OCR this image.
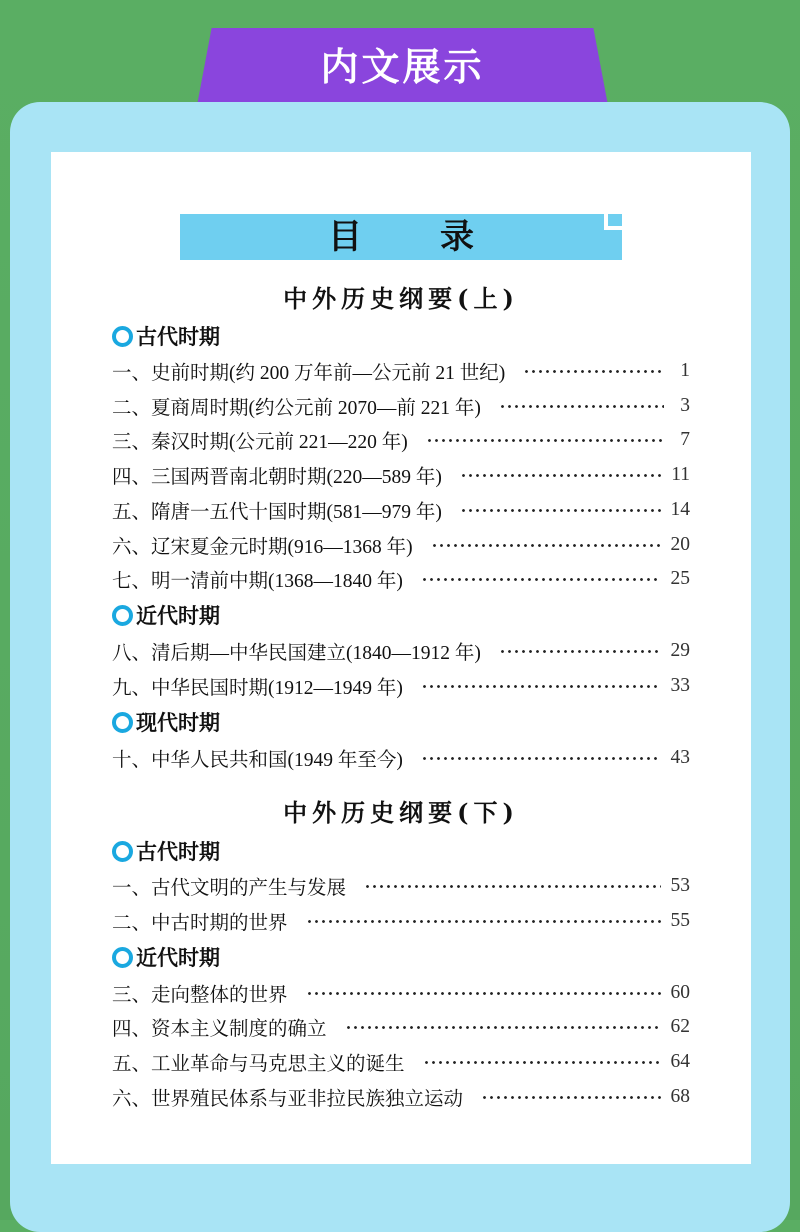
内文展示
目录
中外历史纲要(上)
古代时期
一、史前时期(约 200 万年前—公元前 21 世纪)	1
二、夏商周时期(约公元前 2070—前 221 年)	3
三、秦汉时期(公元前 221—220 年)	7
四、三国两晋南北朝时期(220—589 年)	11
五、隋唐一五代十国时期(581—979 年)	14
六、辽宋夏金元时期(916—1368 年)	20
七、明一清前中期(1368—1840 年)	25
近代时期
八、清后期—中华民国建立(1840—1912 年)	29
九、中华民国时期(1912—1949 年)	33
现代时期
十、中华人民共和国(1949 年至今)	43
中外历史纲要(下)
古代时期
一、古代文明的产生与发展	53
二、中古时期的世界	55
近代时期
三、走向整体的世界	60
四、资本主义制度的确立	62
五、工业革命与马克思主义的诞生	64
六、世界殖民体系与亚非拉民族独立运动	68
